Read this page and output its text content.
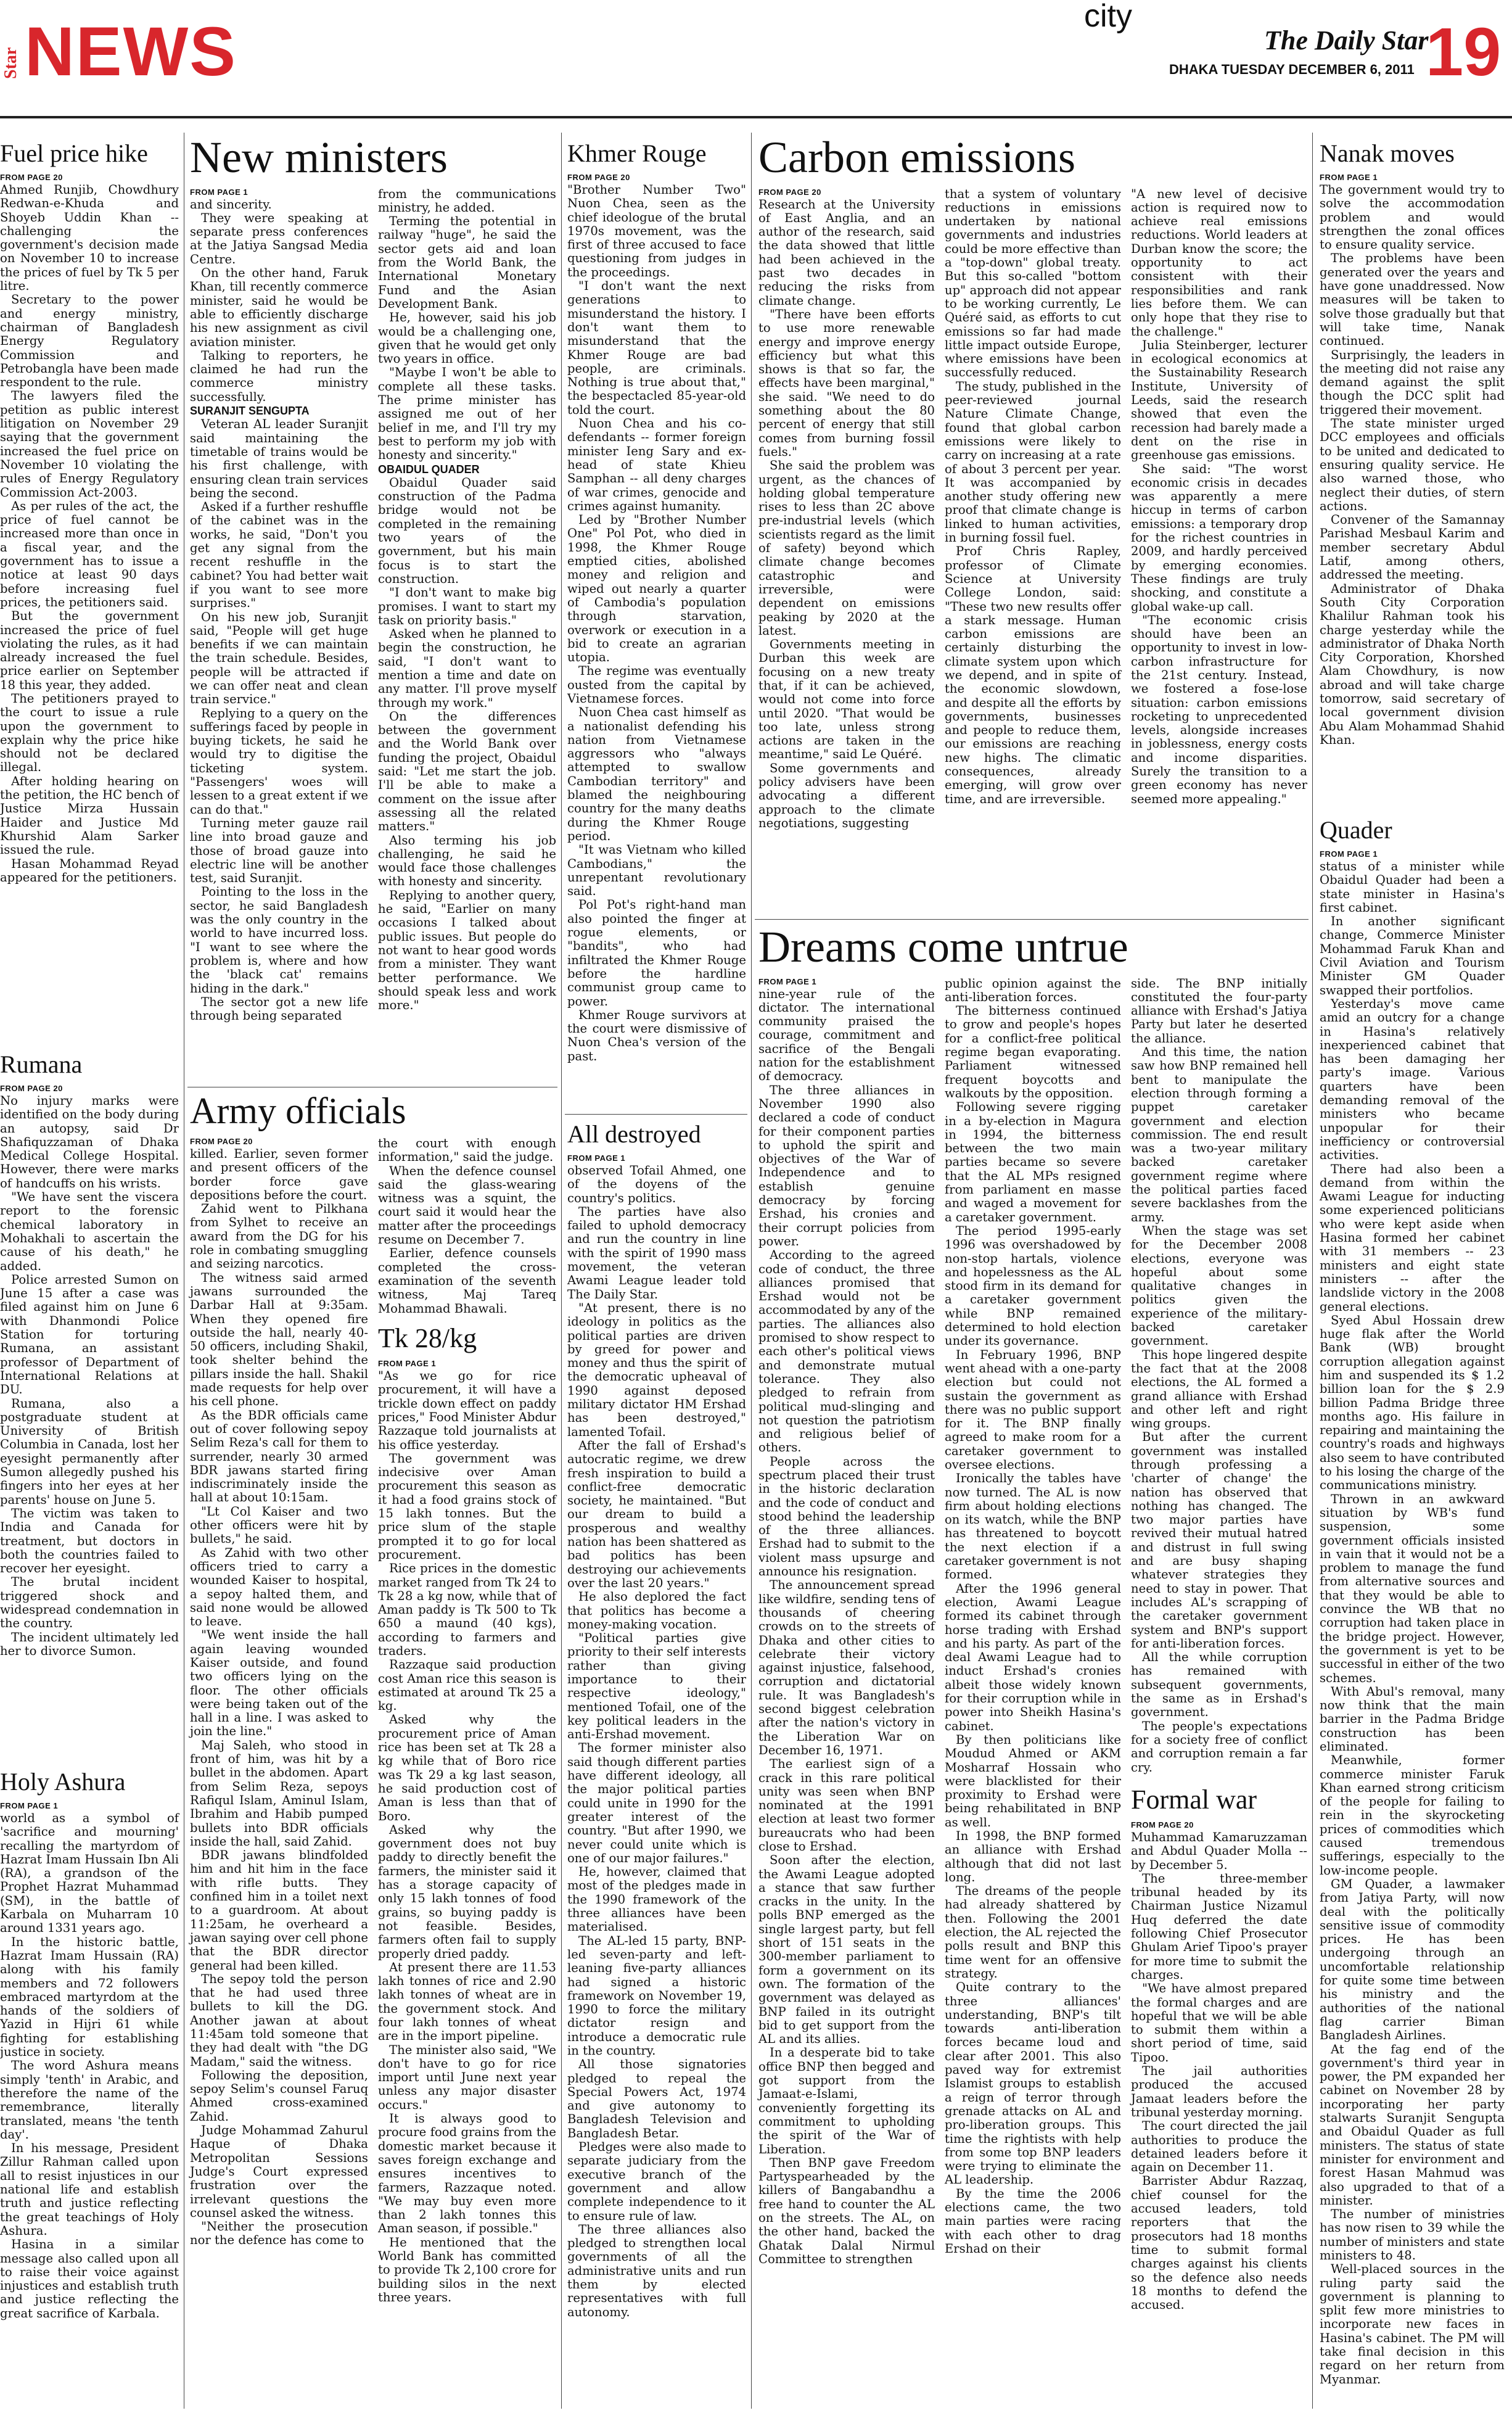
Star NEWS	city
The Daily Star
DHAKA TUESDAY DECEMBER 6, 2011 19
Fuel price hike
FROM PAGE 20

Ahmed Runjib, Chowdhury Redwan-e-Khuda and Shoyeb Uddin Khan -- challenging the government's decision made on November 10 to increase the prices of fuel by Tk 5 per litre.

Secretary to the power and energy ministry, chairman of Bangladesh Energy Regulatory Commission and Petrobangla have been made respondent to the rule.

The lawyers filed the petition as public interest litigation on November 29 saying that the government increased the fuel price on November 10 violating the rules of Energy Regulatory Commission Act-2003.

As per rules of the act, the price of fuel cannot be increased more than once in a fiscal year, and the government has to issue a notice at least 90 days before increasing fuel prices, the petitioners said.

But the government increased the price of fuel violating the rules, as it had already increased the fuel price earlier on September 18 this year, they added.

The petitioners prayed to the court to issue a rule upon the government to explain why the price hike should not be declared illegal.

After holding hearing on the petition, the HC bench of Justice Mirza Hussain Haider and Justice Md Khurshid Alam Sarker issued the rule.

Hasan Mohammad Reyad appeared for the petitioners.

Rumana
FROM PAGE 20

No injury marks were identified on the body during an autopsy, said Dr Shafiquzzaman of Dhaka Medical College Hospital. However, there were marks of handcuffs on his wrists.

"We have sent the viscera report to the forensic chemical laboratory in Mohakhali to ascertain the cause of his death," he added.

Police arrested Sumon on June 15 after a case was filed against him on June 6 with Dhanmondi Police Station for torturing Rumana, an assistant professor of Department of International Relations at DU.

Rumana, also a postgraduate student at University of British Columbia in Canada, lost her eyesight permanently after Sumon allegedly pushed his fingers into her eyes at her parents' house on June 5.

The victim was taken to India and Canada for treatment, but doctors in both the countries failed to recover her eyesight.

The brutal incident triggered shock and widespread condemnation in the country.

The incident ultimately led her to divorce Sumon.

Holy Ashura
FROM PAGE 1

world as a symbol of 'sacrifice and mourning' recalling the martyrdom of Hazrat Imam Hussain Ibn Ali (RA), a grandson of the Prophet Hazrat Muhammad (SM), in the battle of Karbala on Muharram 10 around 1331 years ago.

In the historic battle, Hazrat Imam Hussain (RA) along with his family members and 72 followers embraced martyrdom at the hands of the soldiers of Yazid in Hijri 61 while fighting for establishing justice in society.

The word Ashura means simply 'tenth' in Arabic, and therefore the name of the remembrance, literally translated, means 'the tenth day'.

In his message, President Zillur Rahman called upon all to resist injustices in our national life and establish truth and justice reflecting the great teachings of Holy Ashura.

Hasina in a similar message also called upon all to raise their voice against injustices and establish truth and justice reflecting the great sacrifice of Karbala.

New ministers
FROM PAGE 1

and sincerity.

They were speaking at separate press conferences at the Jatiya Sangsad Media Centre.

On the other hand, Faruk Khan, till recently commerce minister, said he would be able to efficiently discharge his new assignment as civil aviation minister.

Talking to reporters, he claimed he had run the commerce ministry successfully.

SURANJIT SENGUPTA

Veteran AL leader Suranjit said maintaining the timetable of trains would be his first challenge, with ensuring clean train services being the second.

Asked if a further reshuffle of the cabinet was in the works, he said, "Don't you get any signal from the recent reshuffle in the cabinet? You had better wait if you want to see more surprises."

On his new job, Suranjit said, "People will get huge benefits if we can maintain the train schedule. Besides, people will be attracted if we can offer neat and clean train service."

Replying to a query on the sufferings faced by people in buying tickets, he said he would try to digitise the ticketing system. "Passengers' woes will lessen to a great extent if we can do that."

Turning meter gauze rail line into broad gauze and those of broad gauze into electric line will be another test, said Suranjit.

Pointing to the loss in the sector, he said Bangladesh was the only country in the world to have incurred loss. "I want to see where the problem is, where and how the 'black cat' remains hiding in the dark."

The sector got a new life through being separated

from the communications ministry, he added.

Terming the potential in railway "huge", he said the sector gets aid and loan from the World Bank, the International Monetary Fund and the Asian Development Bank.

He, however, said his job would be a challenging one, given that he would get only two years in office.

"Maybe I won't be able to complete all these tasks. The prime minister has assigned me out of her belief in me, and I'll try my best to perform my job with honesty and sincerity."

OBAIDUL QUADER

Obaidul Quader said construction of the Padma bridge would not be completed in the remaining two years of the government, but his main focus is to start the construction.

"I don't want to make big promises. I want to start my task on priority basis."

Asked when he planned to begin the construction, he said, "I don't want to mention a time and date on any matter. I'll prove myself through my work."

On the differences between the government and the World Bank over funding the project, Obaidul said: "Let me start the job. I'll be able to make a comment on the issue after assessing all the related matters."

Also terming his job challenging, he said he would face those challenges with honesty and sincerity.

Replying to another query, he said, "Earlier on many occasions I talked about public issues. But people do not want to hear good words from a minister. They want better performance. We should speak less and work more."

Army officials
FROM PAGE 20

killed. Earlier, seven former and present officers of the border force gave depositions before the court.

Zahid went to Pilkhana from Sylhet to receive an award from the DG for his role in combating smuggling and seizing narcotics.

The witness said armed jawans surrounded the Darbar Hall at 9:35am. When they opened fire outside the hall, nearly 40-50 officers, including Shakil, took shelter behind the pillars inside the hall. Shakil made requests for help over his cell phone.

As the BDR officials came out of cover following sepoy Selim Reza's call for them to surrender, nearly 30 armed BDR jawans started firing indiscriminately inside the hall at about 10:15am.

"Lt Col Kaiser and two other officers were hit by bullets," he said.

As Zahid with two other officers tried to carry a wounded Kaiser to hospital, a sepoy halted them, and said none would be allowed to leave.

"We went inside the hall again leaving wounded Kaiser outside, and found two officers lying on the floor. The other officials were being taken out of the hall in a line. I was asked to join the line."

Maj Saleh, who stood in front of him, was hit by a bullet in the abdomen. Apart from Selim Reza, sepoys Rafiqul Islam, Aminul Islam, Ibrahim and Habib pumped bullets into BDR officials inside the hall, said Zahid.

BDR jawans blindfolded him and hit him in the face with rifle butts. They confined him in a toilet next to a guardroom. At about 11:25am, he overheard a jawan saying over cell phone that the BDR director general had been killed.

The sepoy told the person that he had used three bullets to kill the DG. Another jawan at about 11:45am told someone that they had dealt with "the DG Madam," said the witness.

Following the deposition, sepoy Selim's counsel Faruq Ahmed cross-examined Zahid.

Judge Mohammad Zahurul Haque of Dhaka Metropolitan Sessions Judge's Court expressed frustration over the irrelevant questions the counsel asked the witness.

"Neither the prosecution nor the defence has come to

the court with enough information," said the judge.

When the defence counsel said the glass-wearing witness was a squint, the court said it would hear the matter after the proceedings resume on December 7.

Earlier, defence counsels completed the cross-examination of the seventh witness, Maj Tareq Mohammad Bhawali.

Tk 28/kg
FROM PAGE 1

"As we go for rice procurement, it will have a trickle down effect on paddy prices," Food Minister Abdur Razzaque told journalists at his office yesterday.

The government was indecisive over Aman procurement this season as it had a food grains stock of 15 lakh tonnes. But the price slum of the staple prompted it to go for local procurement.

Rice prices in the domestic market ranged from Tk 24 to Tk 28 a kg now, while that of Aman paddy is Tk 500 to Tk 650 a maund (40 kgs), according to farmers and traders.

Razzaque said production cost Aman rice this season is estimated at around Tk 25 a kg.

Asked why the procurement price of Aman rice has been set at Tk 28 a kg while that of Boro rice was Tk 29 a kg last season, he said production cost of Aman is less than that of Boro.

Asked why the government does not buy paddy to directly benefit the farmers, the minister said it has a storage capacity of only 15 lakh tonnes of food grains, so buying paddy is not feasible. Besides, farmers often fail to supply properly dried paddy.

At present there are 11.53 lakh tonnes of rice and 2.90 lakh tonnes of wheat are in the government stock. And four lakh tonnes of wheat are in the import pipeline.

The minister also said, "We don't have to go for rice import until June next year unless any major disaster occurs."

It is always good to procure food grains from the domestic market because it saves foreign exchange and ensures incentives to farmers, Razzaque noted. "We may buy even more than 2 lakh tonnes this Aman season, if possible."

He mentioned that the World Bank has committed to provide Tk 2,100 crore for building silos in the next three years.

Khmer Rouge
FROM PAGE 20

"Brother Number Two" Nuon Chea, seen as the chief ideologue of the brutal 1970s movement, was the first of three accused to face questioning from judges in the proceedings.

"I don't want the next generations to misunderstand the history. I don't want them to misunderstand that the Khmer Rouge are bad people, are criminals. Nothing is true about that," the bespectacled 85-year-old told the court.

Nuon Chea and his co-defendants -- former foreign minister Ieng Sary and ex-head of state Khieu Samphan -- all deny charges of war crimes, genocide and crimes against humanity.

Led by "Brother Number One" Pol Pot, who died in 1998, the Khmer Rouge emptied cities, abolished money and religion and wiped out nearly a quarter of Cambodia's population through starvation, overwork or execution in a bid to create an agrarian utopia.

The regime was eventually ousted from the capital by Vietnamese forces.

Nuon Chea cast himself as a nationalist defending his nation from Vietnamese aggressors who "always attempted to swallow Cambodian territory" and blamed the neighbouring country for the many deaths during the Khmer Rouge period.

"It was Vietnam who killed Cambodians," the unrepentant revolutionary said.

Pol Pot's right-hand man also pointed the finger at rogue elements, or "bandits", who had infiltrated the Khmer Rouge before the hardline communist group came to power.

Khmer Rouge survivors at the court were dismissive of Nuon Chea's version of the past.

All destroyed
FROM PAGE 1

observed Tofail Ahmed, one of the doyens of the country's politics.

The parties have also failed to uphold democracy and run the country in line with the spirit of 1990 mass movement, the veteran Awami League leader told The Daily Star.

"At present, there is no ideology in politics as the political parties are driven by greed for power and money and thus the spirit of the democratic upheaval of 1990 against deposed military dictator HM Ershad has been destroyed," lamented Tofail.

After the fall of Ershad's autocratic regime, we drew fresh inspiration to build a conflict-free democratic society, he maintained. "But our dream to build a prosperous and wealthy nation has been shattered as bad politics has been destroying our achievements over the last 20 years."

He also deplored the fact that politics has become a money-making vocation.

"Political parties give priority to their self interests rather than giving importance to their respective ideology," mentioned Tofail, one of the key political leaders in the anti-Ershad movement.

The former minister also said though different parties have different ideology, all the major political parties could unite in 1990 for the greater interest of the country. "But after 1990, we never could unite which is one of our major failures."

He, however, claimed that most of the pledges made in the 1990 framework of the three alliances have been materialised.

The AL-led 15 party, BNP-led seven-party and left-leaning five-party alliances had signed a historic framework on November 19, 1990 to force the military dictator resign and introduce a democratic rule in the country.

All those signatories pledged to repeal the Special Powers Act, 1974 and give autonomy to Bangladesh Television and Bangladesh Betar.

Pledges were also made to separate judiciary from the executive branch of the government and allow complete independence to it to ensure rule of law.

The three alliances also pledged to strengthen local governments of all the administrative units and run them by elected representatives with full autonomy.

Carbon emissions
FROM PAGE 20

Research at the University of East Anglia, and an author of the research, said the data showed that little had been achieved in the past two decades in reducing the risks from climate change.

"There have been efforts to use more renewable energy and improve energy efficiency but what this shows is that so far, the effects have been marginal," she said. "We need to do something about the 80 percent of energy that still comes from burning fossil fuels."

She said the problem was urgent, as the chances of holding global temperature rises to less than 2C above pre-industrial levels (which scientists regard as the limit of safety) beyond which climate change becomes catastrophic and irreversible, were dependent on emissions peaking by 2020 at the latest.

Governments meeting in Durban this week are focusing on a new treaty that, if it can be achieved, would not come into force until 2020. "That would be too late, unless strong actions are taken in the meantime," said Le Quéré.

Some governments and policy advisers have been advocating a different approach to the climate negotiations, suggesting

that a system of voluntary reductions in emissions undertaken by national governments and industries could be more effective than a "top-down" global treaty. But this so-called "bottom up" approach did not appear to be working currently, Le Quéré said, as efforts to cut emissions so far had made little impact outside Europe, where emissions have been successfully reduced.

The study, published in the peer-reviewed journal Nature Climate Change, found that global carbon emissions were likely to carry on increasing at a rate of about 3 percent per year. It was accompanied by another study offering new proof that climate change is linked to human activities, in burning fossil fuel.

Prof Chris Rapley, professor of Climate Science at University College London, said: "These two new results offer a stark message. Human carbon emissions are certainly disturbing the climate system upon which we depend, and in spite of the economic slowdown, and despite all the efforts by governments, businesses and people to reduce them, our emissions are reaching new highs. The climatic consequences, already emerging, will grow over time, and are irreversible.

"A new level of decisive action is required now to achieve real emissions reductions. World leaders at Durban know the score; the opportunity to act consistent with their responsibilities and rank lies before them. We can only hope that they rise to the challenge."

Julia Steinberger, lecturer in ecological economics at the Sustainability Research Institute, University of Leeds, said the research showed that even the recession had barely made a dent on the rise in greenhouse gas emissions.

She said: "The worst economic crisis in decades was apparently a mere hiccup in terms of carbon emissions: a temporary drop for the richest countries in 2009, and hardly perceived by emerging economies. These findings are truly shocking, and constitute a global wake-up call.

"The economic crisis should have been an opportunity to invest in low-carbon infrastructure for the 21st century. Instead, we fostered a fose-lose situation: carbon emissions rocketing to unprecedented levels, alongside increases in joblessness, energy costs and income disparities. Surely the transition to a green economy has never seemed more appealing."

Dreams come untrue
FROM PAGE 1

nine-year rule of the dictator. The international community praised the courage, commitment and sacrifice of the Bengali nation for the establishment of democracy.

The three alliances in November 1990 also declared a code of conduct for their component parties to uphold the spirit and objectives of the War of Independence and to establish genuine democracy by forcing Ershad, his cronies and their corrupt policies from power.

According to the agreed code of conduct, the three alliances promised that Ershad would not be accommodated by any of the parties. The alliances also promised to show respect to each other's political views and demonstrate mutual tolerance. They also pledged to refrain from political mud-slinging and not question the patriotism and religious belief of others.

People across the spectrum placed their trust in the historic declaration and the code of conduct and stood behind the leadership of the three alliances. Ershad had to submit to the violent mass upsurge and announce his resignation.

The announcement spread like wildfire, sending tens of thousands of cheering crowds on to the streets of Dhaka and other cities to celebrate their victory against injustice, falsehood, corruption and dictatorial rule. It was Bangladesh's second biggest celebration after the nation's victory in the Liberation War on December 16, 1971.

The earliest sign of a crack in this rare political unity was seen when BNP nominated at the 1991 election at least two former bureaucrats who had been close to Ershad.

Soon after the election, the Awami League adopted a stance that saw further cracks in the unity. In the polls BNP emerged as the single largest party, but fell short of 151 seats in the 300-member parliament to form a government on its own. The formation of the government was delayed as BNP failed in its outright bid to get support from the AL and its allies.

In a desperate bid to take office BNP then begged and got support from the Jamaat-e-Islami, conveniently forgetting its commitment to upholding the spirit of the War of Liberation.

Then BNP gave Freedom Partyspearheaded by the killers of Bangabandhu a free hand to counter the AL on the streets. The AL, on the other hand, backed the Ghatak Dalal Nirmul Committee to strengthen

public opinion against the anti-liberation forces.

The bitterness continued to grow and people's hopes for a conflict-free political regime began evaporating. Parliament witnessed frequent boycotts and walkouts by the opposition.

Following severe rigging in a by-election in Magura in 1994, the bitterness between the two main parties became so severe that the AL MPs resigned from parliament en masse and waged a movement for a caretaker government.

The period 1995-early 1996 was overshadowed by non-stop hartals, violence and hopelessness as the AL stood firm in its demand for a caretaker government while BNP remained determined to hold election under its governance.

In February 1996, BNP went ahead with a one-party election but could not sustain the government as there was no public support for it. The BNP finally agreed to make room for a caretaker government to oversee elections.

Ironically the tables have now turned. The AL is now firm about holding elections on its watch, while the BNP has threatened to boycott the next election if a caretaker government is not formed.

After the 1996 general election, Awami League formed its cabinet through horse trading with Ershad and his party. As part of the deal Awami League had to induct Ershad's cronies albeit those widely known for their corruption while in power into Sheikh Hasina's cabinet.

By then politicians like Moudud Ahmed or AKM Mosharraf Hossain who were blacklisted for their proximity to Ershad were being rehabilitated in BNP as well.

In 1998, the BNP formed an alliance with Ershad although that did not last long.

The dreams of the people had already shattered by then. Following the 2001 election, the AL rejected the polls result and BNP this time went for an offensive strategy.

Quite contrary to the three alliances' understanding, BNP's tilt towards anti-liberation forces became loud and clear after 2001. This also paved way for extremist Islamist groups to establish a reign of terror through grenade attacks on AL and pro-liberation groups. This time the rightists with help from some top BNP leaders were trying to eliminate the AL leadership.

By the time the 2006 elections came, the two main parties were racing with each other to drag Ershad on their

side. The BNP initially constituted the four-party alliance with Ershad's Jatiya Party but later he deserted the alliance.

And this time, the nation saw how BNP remained hell bent to manipulate the election through forming a puppet caretaker government and election commission. The end result was a two-year military backed caretaker government regime where the political parties faced severe backlashes from the army.

When the stage was set for the December 2008 elections, everyone was hopeful about some qualitative changes in politics given the experience of the military-backed caretaker government.

This hope lingered despite the fact that at the 2008 elections, the AL formed a grand alliance with Ershad and other left and right wing groups.

But after the current government was installed through professing a 'charter of change' the nation has observed that nothing has changed. The two major parties have revived their mutual hatred and distrust in full swing and are busy shaping whatever strategies they need to stay in power. That includes AL's scrapping of the caretaker government system and BNP's support for anti-liberation forces.

All the while corruption has remained with subsequent governments, the same as in Ershad's government.

The people's expectations for a society free of conflict and corruption remain a far cry.

Formal war
FROM PAGE 20

Muhammad Kamaruzzaman and Abdul Quader Molla -- by December 5.

The three-member tribunal headed by its Chairman Justice Nizamul Huq deferred the date following Chief Prosecutor Ghulam Arief Tipoo's prayer for more time to submit the charges.

"We have almost prepared the formal charges and are hopeful that we will be able to submit them within a short period of time, said Tipoo.

The jail authorities produced the accused Jamaat leaders before the tribunal yesterday morning.

The court directed the jail authorities to produce the detained leaders before it again on December 11.

Barrister Abdur Razzaq, chief counsel for the accused leaders, told reporters that the prosecutors had 18 months time to submit formal charges against his clients so the defence also needs 18 months to defend the accused.

Nanak moves
FROM PAGE 1

The government would try to solve the accommodation problem and would strengthen the zonal offices to ensure quality service.

The problems have been generated over the years and have gone unaddressed. Now measures will be taken to solve those gradually but that will take time, Nanak continued.

Surprisingly, the leaders in the meeting did not raise any demand against the split though the DCC split had triggered their movement.

The state minister urged DCC employees and officials to be united and dedicated to ensuring quality service. He also warned those, who neglect their duties, of stern actions.

Convener of the Samannay Parishad Mesbaul Karim and member secretary Abdul Latif, among others, addressed the meeting.

Administrator of Dhaka South City Corporation Khalilur Rahman took his charge yesterday while the administrator of Dhaka North City Corporation, Khorshed Alam Chowdhury, is now abroad and will take charge tomorrow, said secretary of local government division Abu Alam Mohammad Shahid Khan.

Quader
FROM PAGE 1

status of a minister while Obaidul Quader had been a state minister in Hasina's first cabinet.

In another significant change, Commerce Minister Mohammad Faruk Khan and Civil Aviation and Tourism Minister GM Quader swapped their portfolios.

Yesterday's move came amid an outcry for a change in Hasina's relatively inexperienced cabinet that has been damaging her party's image. Various quarters have been demanding removal of the ministers who became unpopular for their inefficiency or controversial activities.

There had also been a demand from within the Awami League for inducting some experienced politicians who were kept aside when Hasina formed her cabinet with 31 members -- 23 ministers and eight state ministers -- after the landslide victory in the 2008 general elections.

Syed Abul Hossain drew huge flak after the World Bank (WB) brought corruption allegation against him and suspended its $ 1.2 billion loan for the $ 2.9 billion Padma Bridge three months ago. His failure in repairing and maintaining the country's roads and highways also seem to have contributed to his losing the charge of the communications ministry.

Thrown in an awkward situation by WB's fund suspension, some government officials insisted in vain that it would not be a problem to manage the fund from alternative sources and that they would be able to convince the WB that no corruption had taken place in the bridge project. However, the government is yet to be successful in either of the two schemes.

With Abul's removal, many now think that the main barrier in the Padma Bridge construction has been eliminated.

Meanwhile, former commerce minister Faruk Khan earned strong criticism of the people for failing to rein in the skyrocketing prices of commodities which caused tremendous sufferings, especially to the low-income people.

GM Quader, a lawmaker from Jatiya Party, will now deal with the politically sensitive issue of commodity prices. He has been undergoing through an uncomfortable relationship for quite some time between his ministry and the authorities of the national flag carrier Biman Bangladesh Airlines.

At the fag end of the government's third year in power, the PM expanded her cabinet on November 28 by incorporating her party stalwarts Suranjit Sengupta and Obaidul Quader as full ministers. The status of state minister for environment and forest Hasan Mahmud was also upgraded to that of a minister.

The number of ministries has now risen to 39 while the number of ministers and state ministers to 48.

Well-placed sources in the ruling party said the government is planning to split few more ministries to incorporate new faces in Hasina's cabinet. The PM will take final decision in this regard on her return from Myanmar.
